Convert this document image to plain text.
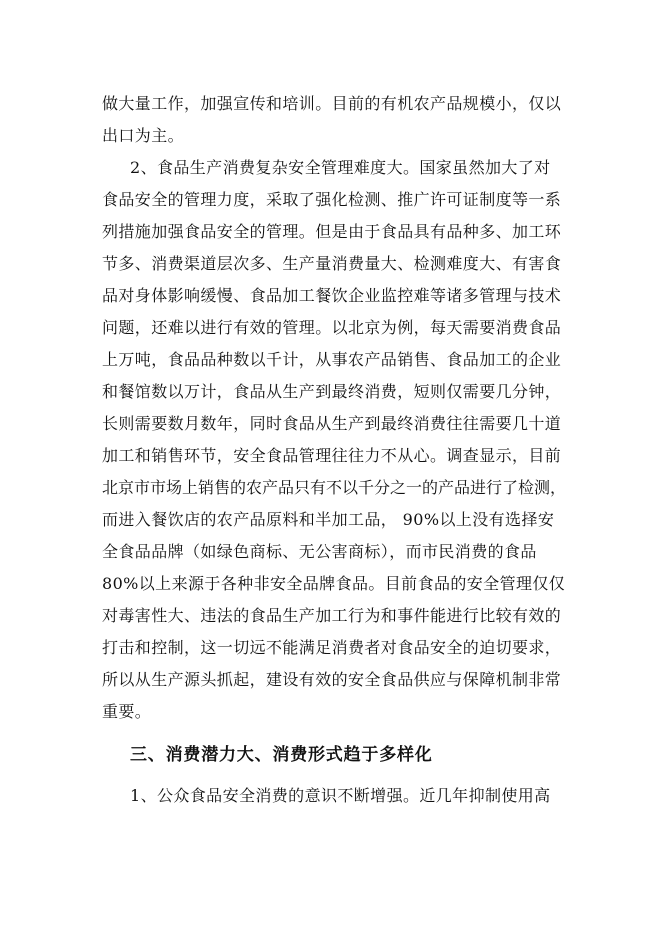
做大量工作，加强宣传和培训。目前的有机农产品规模小，仅以
出口为主。
2、食品生产消费复杂安全管理难度大。国家虽然加大了对
食品安全的管理力度，采取了强化检测、推广许可证制度等一系
列措施加强食品安全的管理。但是由于食品具有品种多、加工环
节多、消费渠道层次多、生产量消费量大、检测难度大、有害食
品对身体影响缓慢、食品加工餐饮企业监控难等诸多管理与技术
问题，还难以进行有效的管理。以北京为例，每天需要消费食品
上万吨，食品品种数以千计，从事农产品销售、食品加工的企业
和餐馆数以万计，食品从生产到最终消费，短则仅需要几分钟，
长则需要数月数年，同时食品从生产到最终消费往往需要几十道
加工和销售环节，安全食品管理往往力不从心。调查显示，目前
北京市市场上销售的农产品只有不以千分之一的产品进行了检测，
而进入餐饮店的农产品原料和半加工品， 90%以上没有选择安
全食品品牌（如绿色商标、无公害商标），而市民消费的食品
80%以上来源于各种非安全品牌食品。目前食品的安全管理仅仅
对毒害性大、违法的食品生产加工行为和事件能进行比较有效的
打击和控制，这一切远不能满足消费者对食品安全的迫切要求，
所以从生产源头抓起，建设有效的安全食品供应与保障机制非常
重要。
三、消费潜力大、消费形式趋于多样化
1、公众食品安全消费的意识不断增强。近几年抑制使用高
